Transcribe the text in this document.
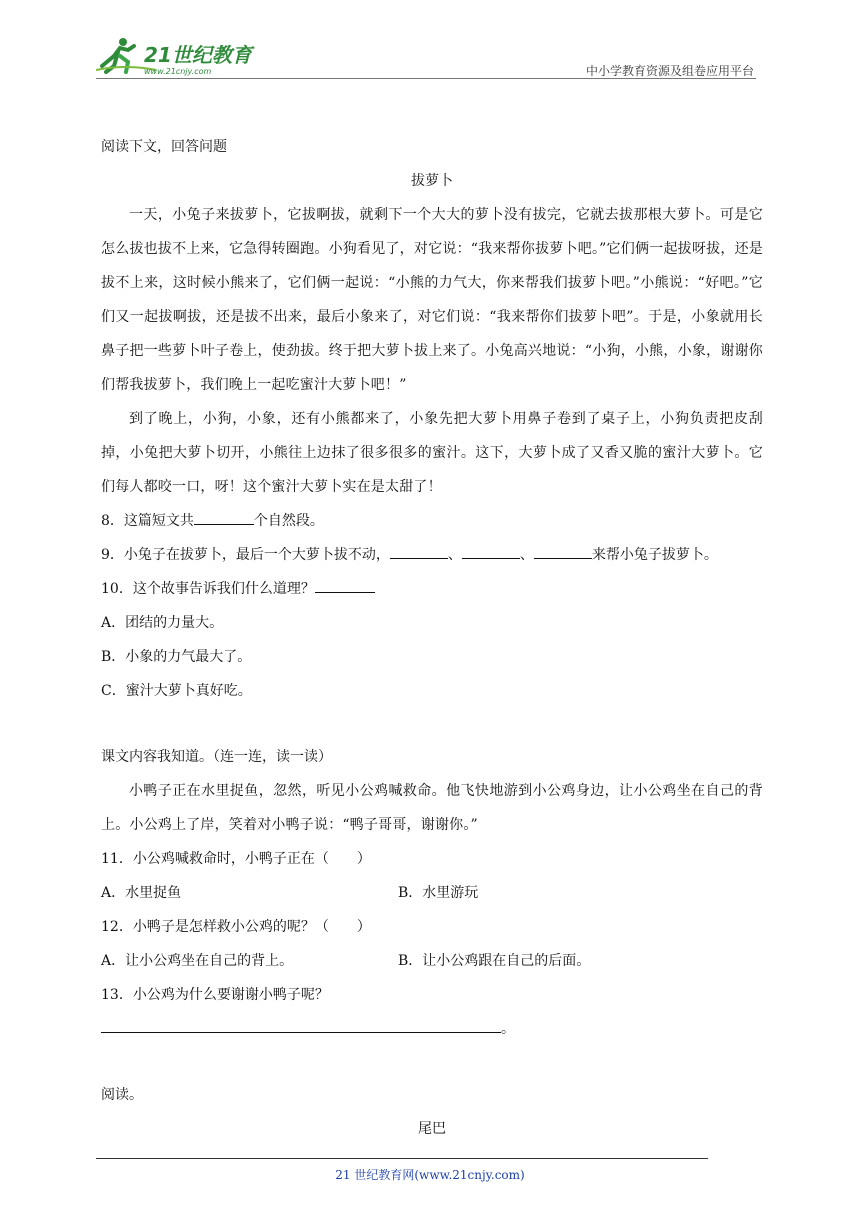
21世纪教育
www.21cnjy.com	中小学教育资源及组卷应用平台
阅读下文，回答问题
拔萝卜

一天，小兔子来拔萝卜，它拔啊拔，就剩下一个大大的萝卜没有拔完，它就去拔那根大萝卜。可是它怎么拔也拔不上来，它急得转圈跑。小狗看见了，对它说：“我来帮你拔萝卜吧。”它们俩一起拔呀拔，还是拔不上来，这时候小熊来了，它们俩一起说：“小熊的力气大，你来帮我们拔萝卜吧。”小熊说：“好吧。”它们又一起拔啊拔，还是拔不出来，最后小象来了，对它们说：“我来帮你们拔萝卜吧”。于是，小象就用长鼻子把一些萝卜叶子卷上，使劲拔。终于把大萝卜拔上来了。小兔高兴地说：“小狗，小熊，小象，谢谢你们帮我拔萝卜，我们晚上一起吃蜜汁大萝卜吧！”

到了晚上，小狗，小象，还有小熊都来了，小象先把大萝卜用鼻子卷到了桌子上，小狗负责把皮刮掉，小兔把大萝卜切开，小熊往上边抹了很多很多的蜜汁。这下，大萝卜成了又香又脆的蜜汁大萝卜。它们每人都咬一口，呀！这个蜜汁大萝卜实在是太甜了！

8．这篇短文共	个自然段。

9．小兔子在拔萝卜，最后一个大萝卜拔不动，	、	、	来帮小兔子拔萝卜。

10．这个故事告诉我们什么道理？

A．团结的力量大。

B．小象的力气最大了。

C．蜜汁大萝卜真好吃。

课文内容我知道。（连一连，读一读）

小鸭子正在水里捉鱼，忽然，听见小公鸡喊救命。他飞快地游到小公鸡身边，让小公鸡坐在自己的背上。小公鸡上了岸，笑着对小鸭子说：“鸭子哥哥，谢谢你。”

11．小公鸡喊救命时，小鸭子正在（　　）

A．水里捉鱼	B．水里游玩

12．小鸭子是怎样救小公鸡的呢？（　　）

A．让小公鸡坐在自己的背上。	B．让小公鸡跟在自己的后面。

13．小公鸡为什么要谢谢小鸭子呢？

。

阅读。
尾巴
21 世纪教育网(www.21cnjy.com)
